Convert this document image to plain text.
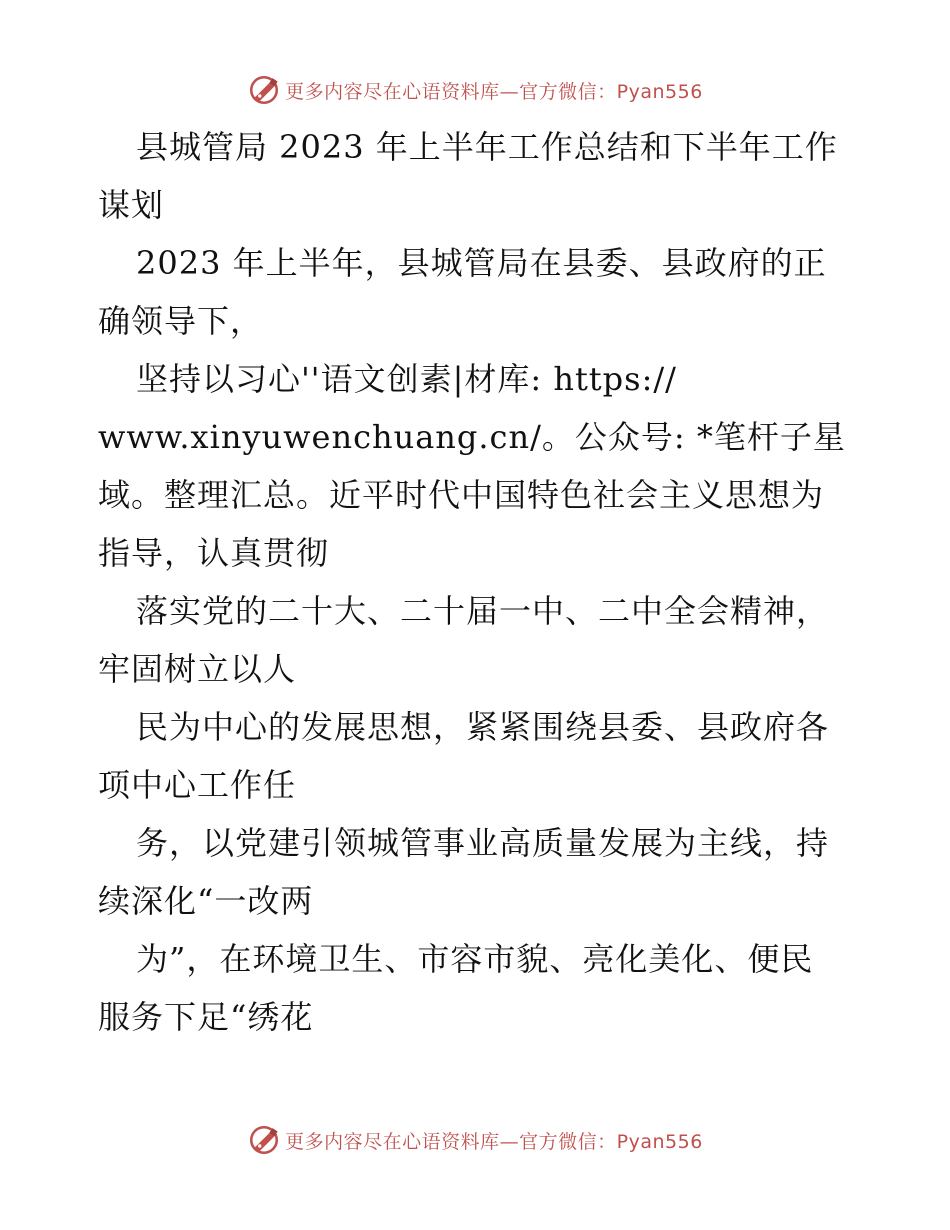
更多内容尽在心语资料库—官方微信：Pyan556
县城管局 2023 年上半年工作总结和下半年工作
谋划
2023 年上半年，县城管局在县委、县政府的正
确领导下，
坚持以习心''语文创素|材库: https://
www.xinyuwenchuang.cn/。公众号: *笔杆子星
域。整理汇总。近平时代中国特色社会主义思想为
指导，认真贯彻
落实党的二十大、二十届一中、二中全会精神，
牢固树立以人
民为中心的发展思想，紧紧围绕县委、县政府各
项中心工作任
务，以党建引领城管事业高质量发展为主线，持
续深化“一改两
为”，在环境卫生、市容市貌、亮化美化、便民
服务下足“绣花
更多内容尽在心语资料库—官方微信：Pyan556
